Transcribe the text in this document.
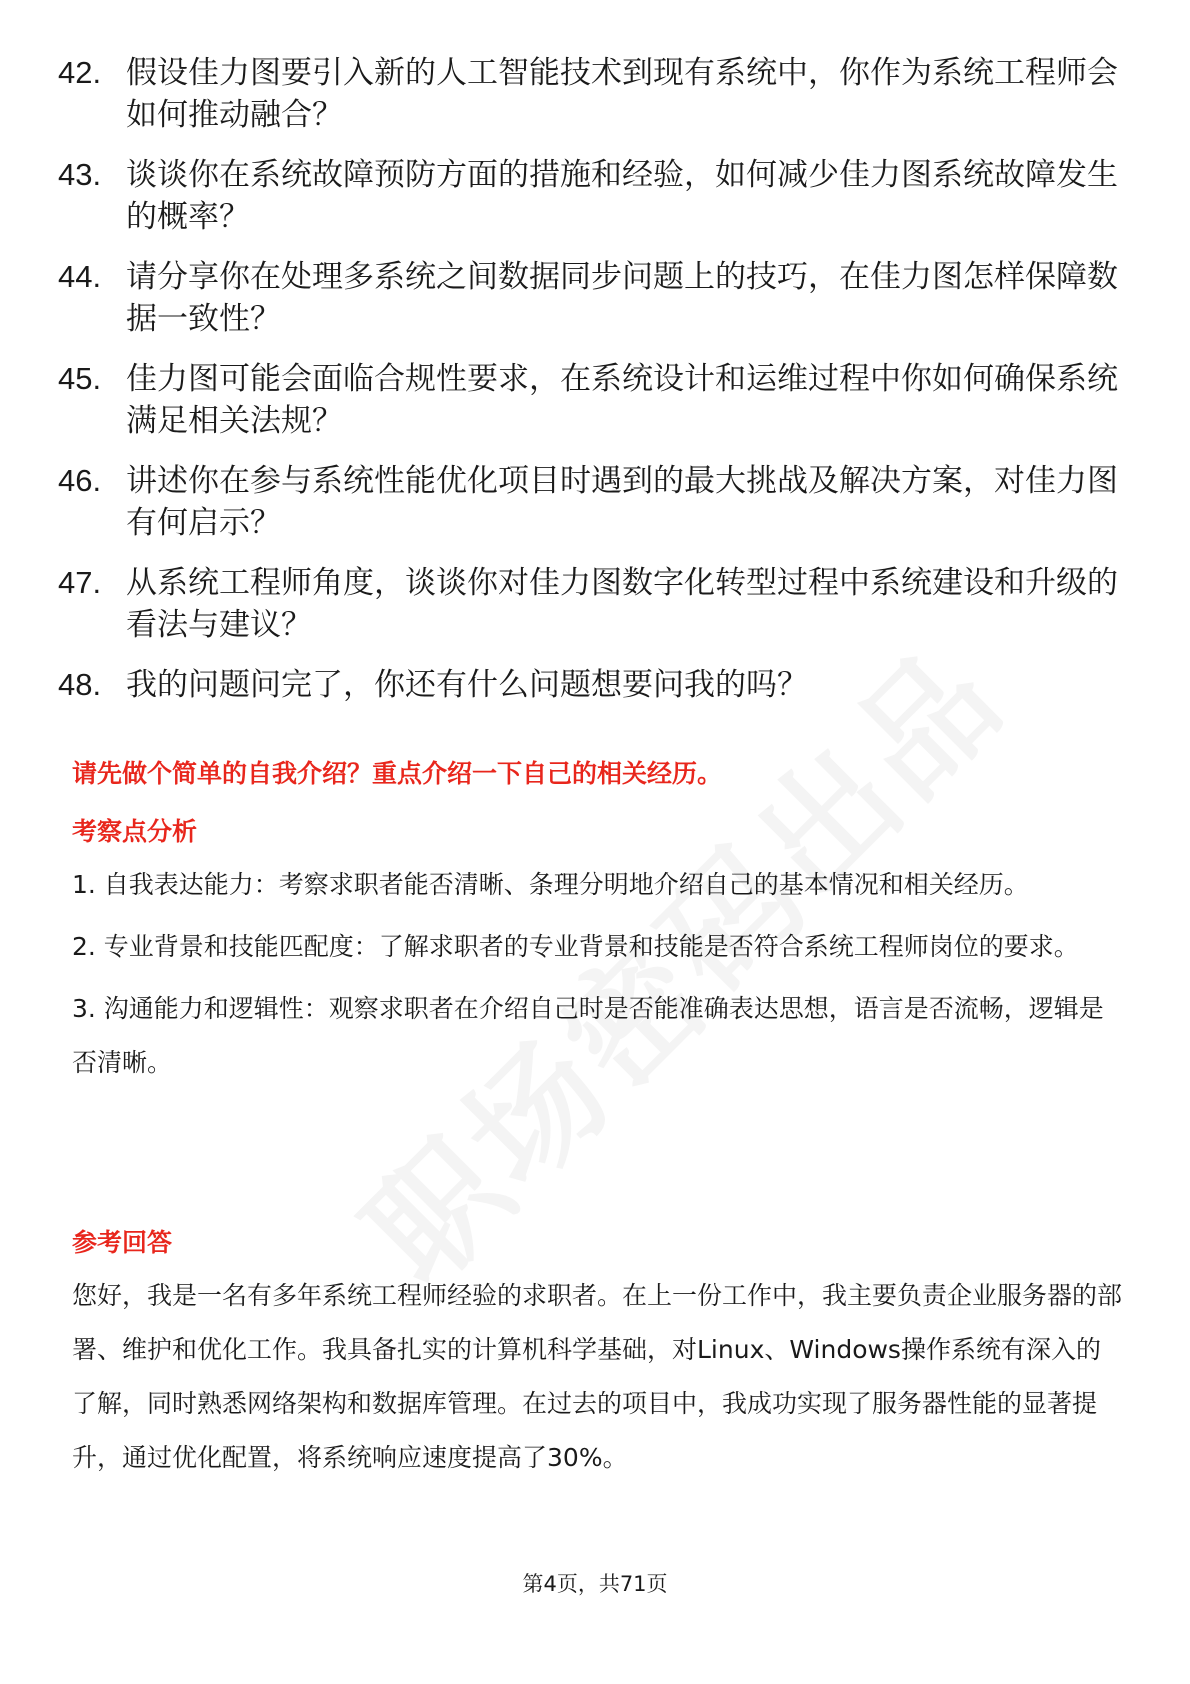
42. 假设佳力图要引入新的人工智能技术到现有系统中，你作为系统工程师会如何推动融合？
43. 谈谈你在系统故障预防方面的措施和经验，如何减少佳力图系统故障发生的概率？
44. 请分享你在处理多系统之间数据同步问题上的技巧，在佳力图怎样保障数据一致性？
45. 佳力图可能会面临合规性要求，在系统设计和运维过程中你如何确保系统满足相关法规？
46. 讲述你在参与系统性能优化项目时遇到的最大挑战及解决方案，对佳力图有何启示？
47. 从系统工程师角度，谈谈你对佳力图数字化转型过程中系统建设和升级的看法与建议？
48. 我的问题问完了，你还有什么问题想要问我的吗？

请先做个简单的自我介绍？重点介绍一下自己的相关经历。

考察点分析

1. 自我表达能力：考察求职者能否清晰、条理分明地介绍自己的基本情况和相关经历。

2. 专业背景和技能匹配度：了解求职者的专业背景和技能是否符合系统工程师岗位的要求。

3. 沟通能力和逻辑性：观察求职者在介绍自己时是否能准确表达思想，语言是否流畅，逻辑是否清晰。

参考回答

您好，我是一名有多年系统工程师经验的求职者。在上一份工作中，我主要负责企业服务器的部署、维护和优化工作。我具备扎实的计算机科学基础，对Linux、Windows操作系统有深入的了解，同时熟悉网络架构和数据库管理。在过去的项目中，我成功实现了服务器性能的显著提升，通过优化配置，将系统响应速度提高了30%。

第4页，共71页
